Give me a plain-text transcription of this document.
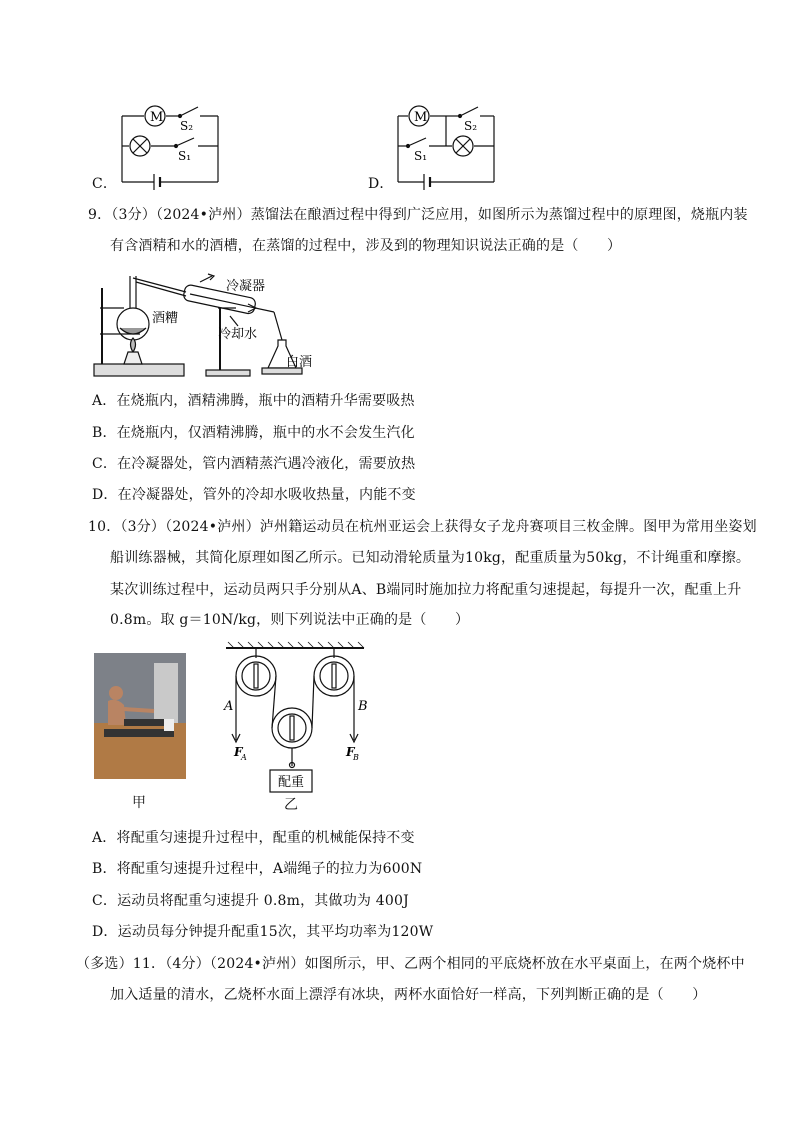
C．
M
S₂
S₁
D．
M
S₂
S₁
9．（3分）（2024•泸州）蒸馏法在酿酒过程中得到广泛应用，如图所示为蒸馏过程中的原理图，烧瓶内装
有含酒精和水的酒槽，在蒸馏的过程中，涉及到的物理知识说法正确的是（　　）
冷凝器
酒糟
冷却水
白酒
A．在烧瓶内，酒精沸腾，瓶中的酒精升华需要吸热
B．在烧瓶内，仅酒精沸腾，瓶中的水不会发生汽化
C．在冷凝器处，管内酒精蒸汽遇冷液化，需要放热
D．在冷凝器处，管外的冷却水吸收热量，内能不变
10．（3分）（2024•泸州）泸州籍运动员在杭州亚运会上获得女子龙舟赛项目三枚金牌。图甲为常用坐姿划
船训练器械，其简化原理如图乙所示。已知动滑轮质量为10kg，配重质量为50kg，不计绳重和摩擦。
某次训练过程中，运动员两只手分别从A、B端同时施加拉力将配重匀速提起，每提升一次，配重上升
0.8m。取 g＝10N/kg，则下列说法中正确的是（　　）
甲
A	B
F
A	F
B
配重
乙
A．将配重匀速提升过程中，配重的机械能保持不变
B．将配重匀速提升过程中，A端绳子的拉力为600N
C．运动员将配重匀速提升 0.8m，其做功为 400J
D．运动员每分钟提升配重15次，其平均功率为120W
（多选）11．（4分）（2024•泸州）如图所示，甲、乙两个相同的平底烧杯放在水平桌面上，在两个烧杯中
加入适量的清水，乙烧杯水面上漂浮有冰块，两杯水面恰好一样高，下列判断正确的是（　　）
